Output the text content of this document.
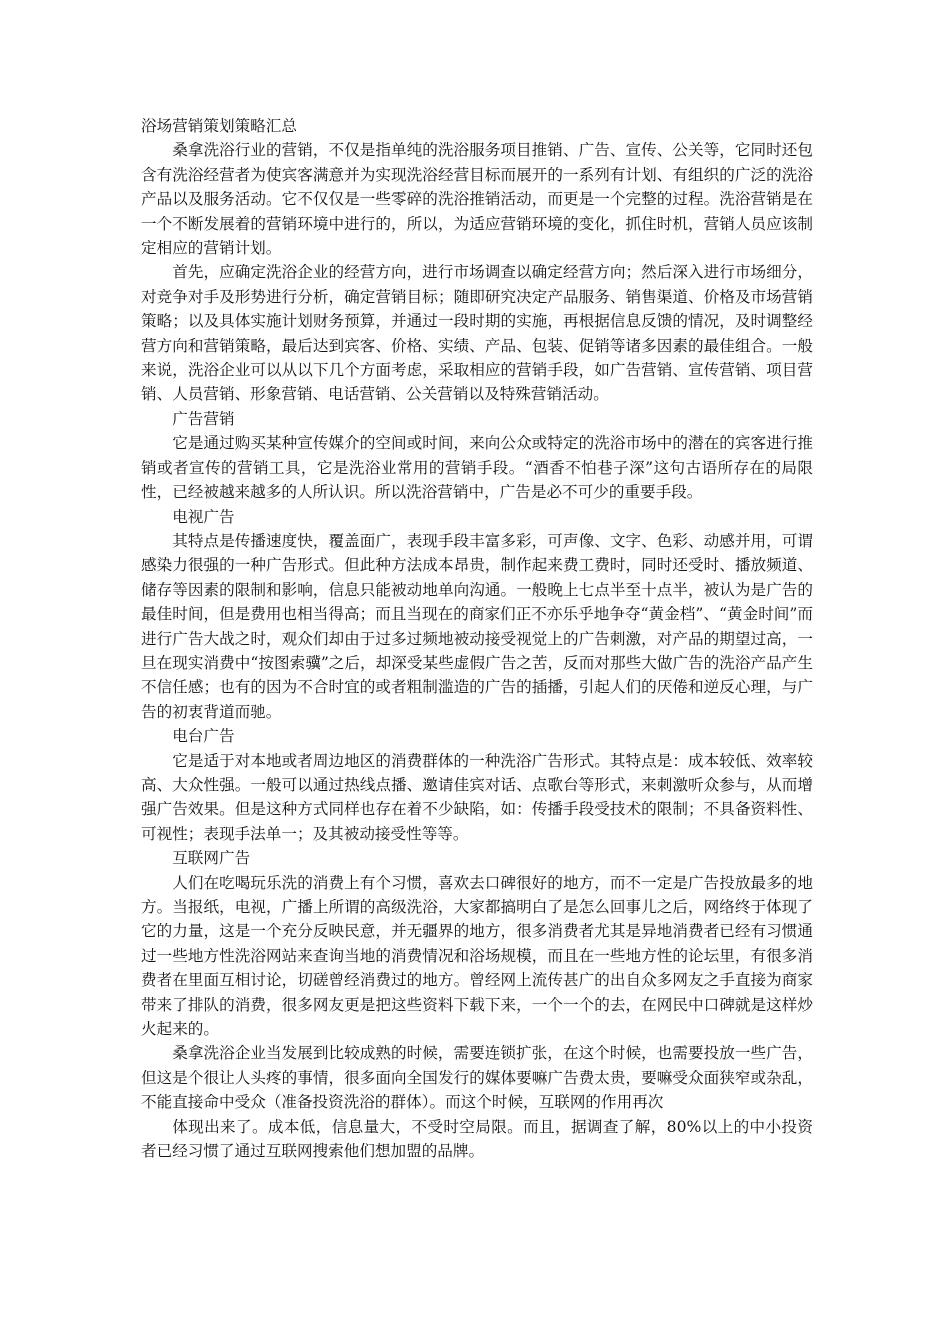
浴场营销策划策略汇总

桑拿洗浴行业的营销，不仅是指单纯的洗浴服务项目推销、广告、宣传、公关等，它同时还包含有洗浴经营者为使宾客满意并为实现洗浴经营目标而展开的一系列有计划、有组织的广泛的洗浴产品以及服务活动。它不仅仅是一些零碎的洗浴推销活动，而更是一个完整的过程。洗浴营销是在一个不断发展着的营销环境中进行的，所以，为适应营销环境的变化，抓住时机，营销人员应该制定相应的营销计划。

首先，应确定洗浴企业的经营方向，进行市场调查以确定经营方向；然后深入进行市场细分，对竞争对手及形势进行分析，确定营销目标；随即研究决定产品服务、销售渠道、价格及市场营销策略；以及具体实施计划财务预算，并通过一段时期的实施，再根据信息反馈的情况，及时调整经营方向和营销策略，最后达到宾客、价格、实绩、产品、包装、促销等诸多因素的最佳组合。一般来说，洗浴企业可以从以下几个方面考虑，采取相应的营销手段，如广告营销、宣传营销、项目营销、人员营销、形象营销、电话营销、公关营销以及特殊营销活动。

广告营销

它是通过购买某种宣传媒介的空间或时间，来向公众或特定的洗浴市场中的潜在的宾客进行推销或者宣传的营销工具，它是洗浴业常用的营销手段。“酒香不怕巷子深”这句古语所存在的局限性，已经被越来越多的人所认识。所以洗浴营销中，广告是必不可少的重要手段。

电视广告

其特点是传播速度快，覆盖面广，表现手段丰富多彩，可声像、文字、色彩、动感并用，可谓感染力很强的一种广告形式。但此种方法成本昂贵，制作起来费工费时，同时还受时、播放频道、储存等因素的限制和影响，信息只能被动地单向沟通。一般晚上七点半至十点半，被认为是广告的最佳时间，但是费用也相当得高；而且当现在的商家们正不亦乐乎地争夺“黄金档”、“黄金时间”而进行广告大战之时，观众们却由于过多过频地被动接受视觉上的广告刺激，对产品的期望过高，一旦在现实消费中“按图索骥”之后，却深受某些虚假广告之苦，反而对那些大做广告的洗浴产品产生不信任感；也有的因为不合时宜的或者粗制滥造的广告的插播，引起人们的厌倦和逆反心理，与广告的初衷背道而驰。

电台广告

它是适于对本地或者周边地区的消费群体的一种洗浴广告形式。其特点是：成本较低、效率较高、大众性强。一般可以通过热线点播、邀请佳宾对话、点歌台等形式，来刺激听众参与，从而增强广告效果。但是这种方式同样也存在着不少缺陷，如：传播手段受技术的限制；不具备资料性、可视性；表现手法单一；及其被动接受性等等。

互联网广告

人们在吃喝玩乐洗的消费上有个习惯，喜欢去口碑很好的地方，而不一定是广告投放最多的地方。当报纸，电视，广播上所谓的高级洗浴，大家都搞明白了是怎么回事儿之后，网络终于体现了它的力量，这是一个充分反映民意，并无疆界的地方，很多消费者尤其是异地消费者已经有习惯通过一些地方性洗浴网站来查询当地的消费情况和浴场规模，而且在一些地方性的论坛里，有很多消费者在里面互相讨论，切磋曾经消费过的地方。曾经网上流传甚广的出自众多网友之手直接为商家带来了排队的消费，很多网友更是把这些资料下载下来，一个一个的去，在网民中口碑就是这样炒火起来的。

桑拿洗浴企业当发展到比较成熟的时候，需要连锁扩张，在这个时候，也需要投放一些广告，但这是个很让人头疼的事情，很多面向全国发行的媒体要嘛广告费太贵，要嘛受众面狭窄或杂乱，不能直接命中受众（准备投资洗浴的群体）。而这个时候，互联网的作用再次

体现出来了。成本低，信息量大，不受时空局限。而且，据调查了解，80%以上的中小投资者已经习惯了通过互联网搜索他们想加盟的品牌。
